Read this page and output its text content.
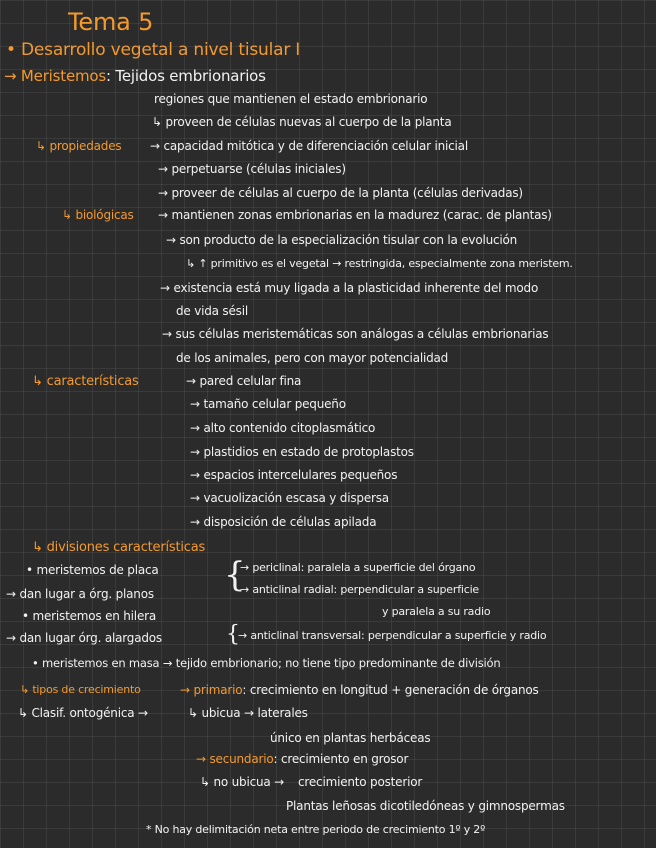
Tema 5
• Desarrollo vegetal a nivel tisular I
→ Meristemos: Tejidos embrionarios
regiones que mantienen el estado embrionario
↳ proveen de células nuevas al cuerpo de la planta
↳ propiedades → capacidad mitótica y de diferenciación celular inicial
→ perpetuarse (células iniciales)
→ proveer de células al cuerpo de la planta (células derivadas)
↳ biológicas → mantienen zonas embrionarias en la madurez (carac. de plantas)
→ son producto de la especialización tisular con la evolución
↳ ↑ primitivo es el vegetal → restringida, especialmente zona meristem.
→ existencia está muy ligada a la plasticidad inherente del modo
de vida sésil
→ sus células meristemáticas son análogas a células embrionarias
de los animales, pero con mayor potencialidad
↳ características	→ pared celular fina
→ tamaño celular pequeño
→ alto contenido citoplasmático
→ plastidios en estado de protoplastos
→ espacios intercelulares pequeños
→ vacuolización escasa y dispersa
→ disposición de células apilada
↳ divisiones características
• meristemos de placa
→ dan lugar a órg. planos {
→ periclinal: paralela a superficie del órgano
→ anticlinal radial: perpendicular a superficie
y paralela a su radio
• meristemos en hilera
→ dan lugar órg. alargados	{
→ anticlinal transversal: perpendicular a superficie y radio
• meristemos en masa → tejido embrionario; no tiene tipo predominante de división
↳ tipos de crecimiento	→ primario: crecimiento en longitud + generación de órganos
↳ Clasif. ontogénica →	↳ ubicua → laterales
único en plantas herbáceas
→ secundario: crecimiento en grosor
↳ no ubicua → crecimiento posterior
Plantas leñosas dicotiledóneas y gimnospermas
* No hay delimitación neta entre periodo de crecimiento 1º y 2º
